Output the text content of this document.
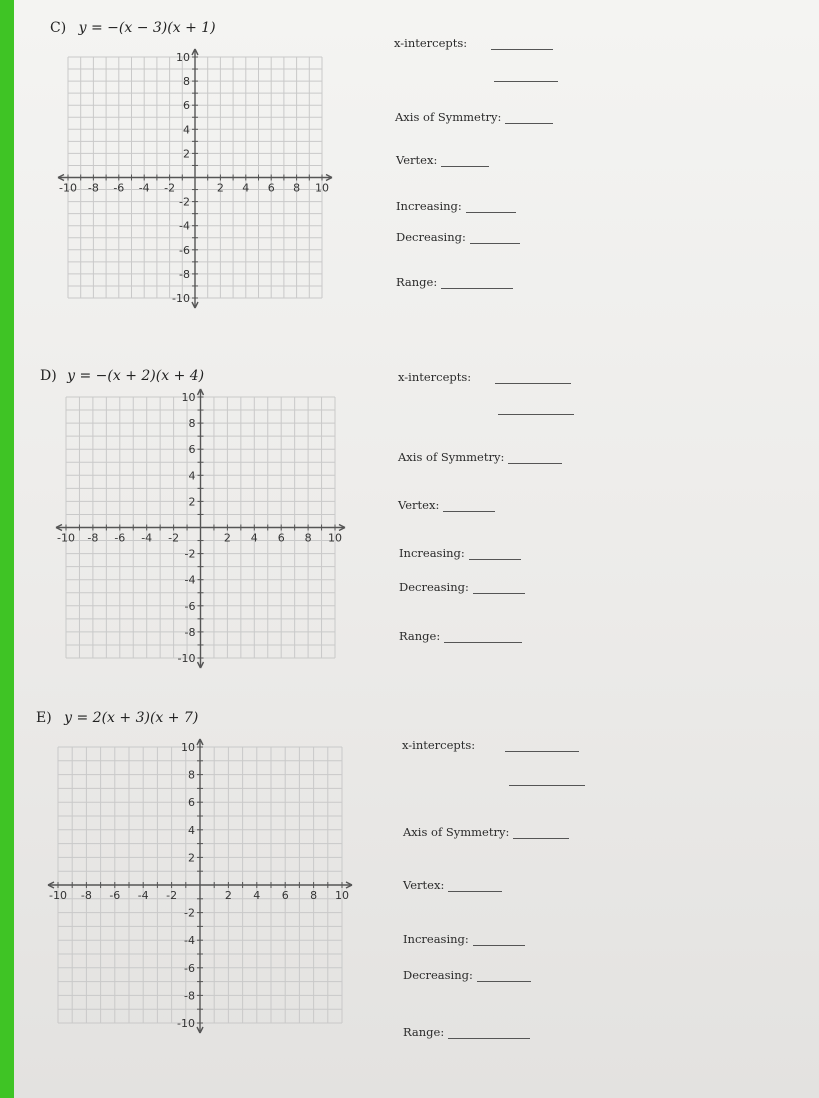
C) y = −(x − 3)(x + 1)
-10 -8 -6 -4 -2	2 4 6 8 10
10
8
6
4
2
-2
-4
-6
-8
-10
x-intercepts:
Axis of Symmetry:
Vertex:
Increasing:
Decreasing:
Range:
D) y = −(x + 2)(x + 4)
-10 -8 -6 -4 -2	2 4 6 8 10
10
8
6
4
2
-2
-4
-6
-8
-10
x-intercepts:
Axis of Symmetry:
Vertex:
Increasing:
Decreasing:
Range:
E) y = 2(x + 3)(x + 7)
-10 -8 -6 -4 -2	2 4 6 8 10
10
8
6
4
2
-2
-4
-6
-8
-10
x-intercepts:
Axis of Symmetry:
Vertex:
Increasing:
Decreasing:
Range:
